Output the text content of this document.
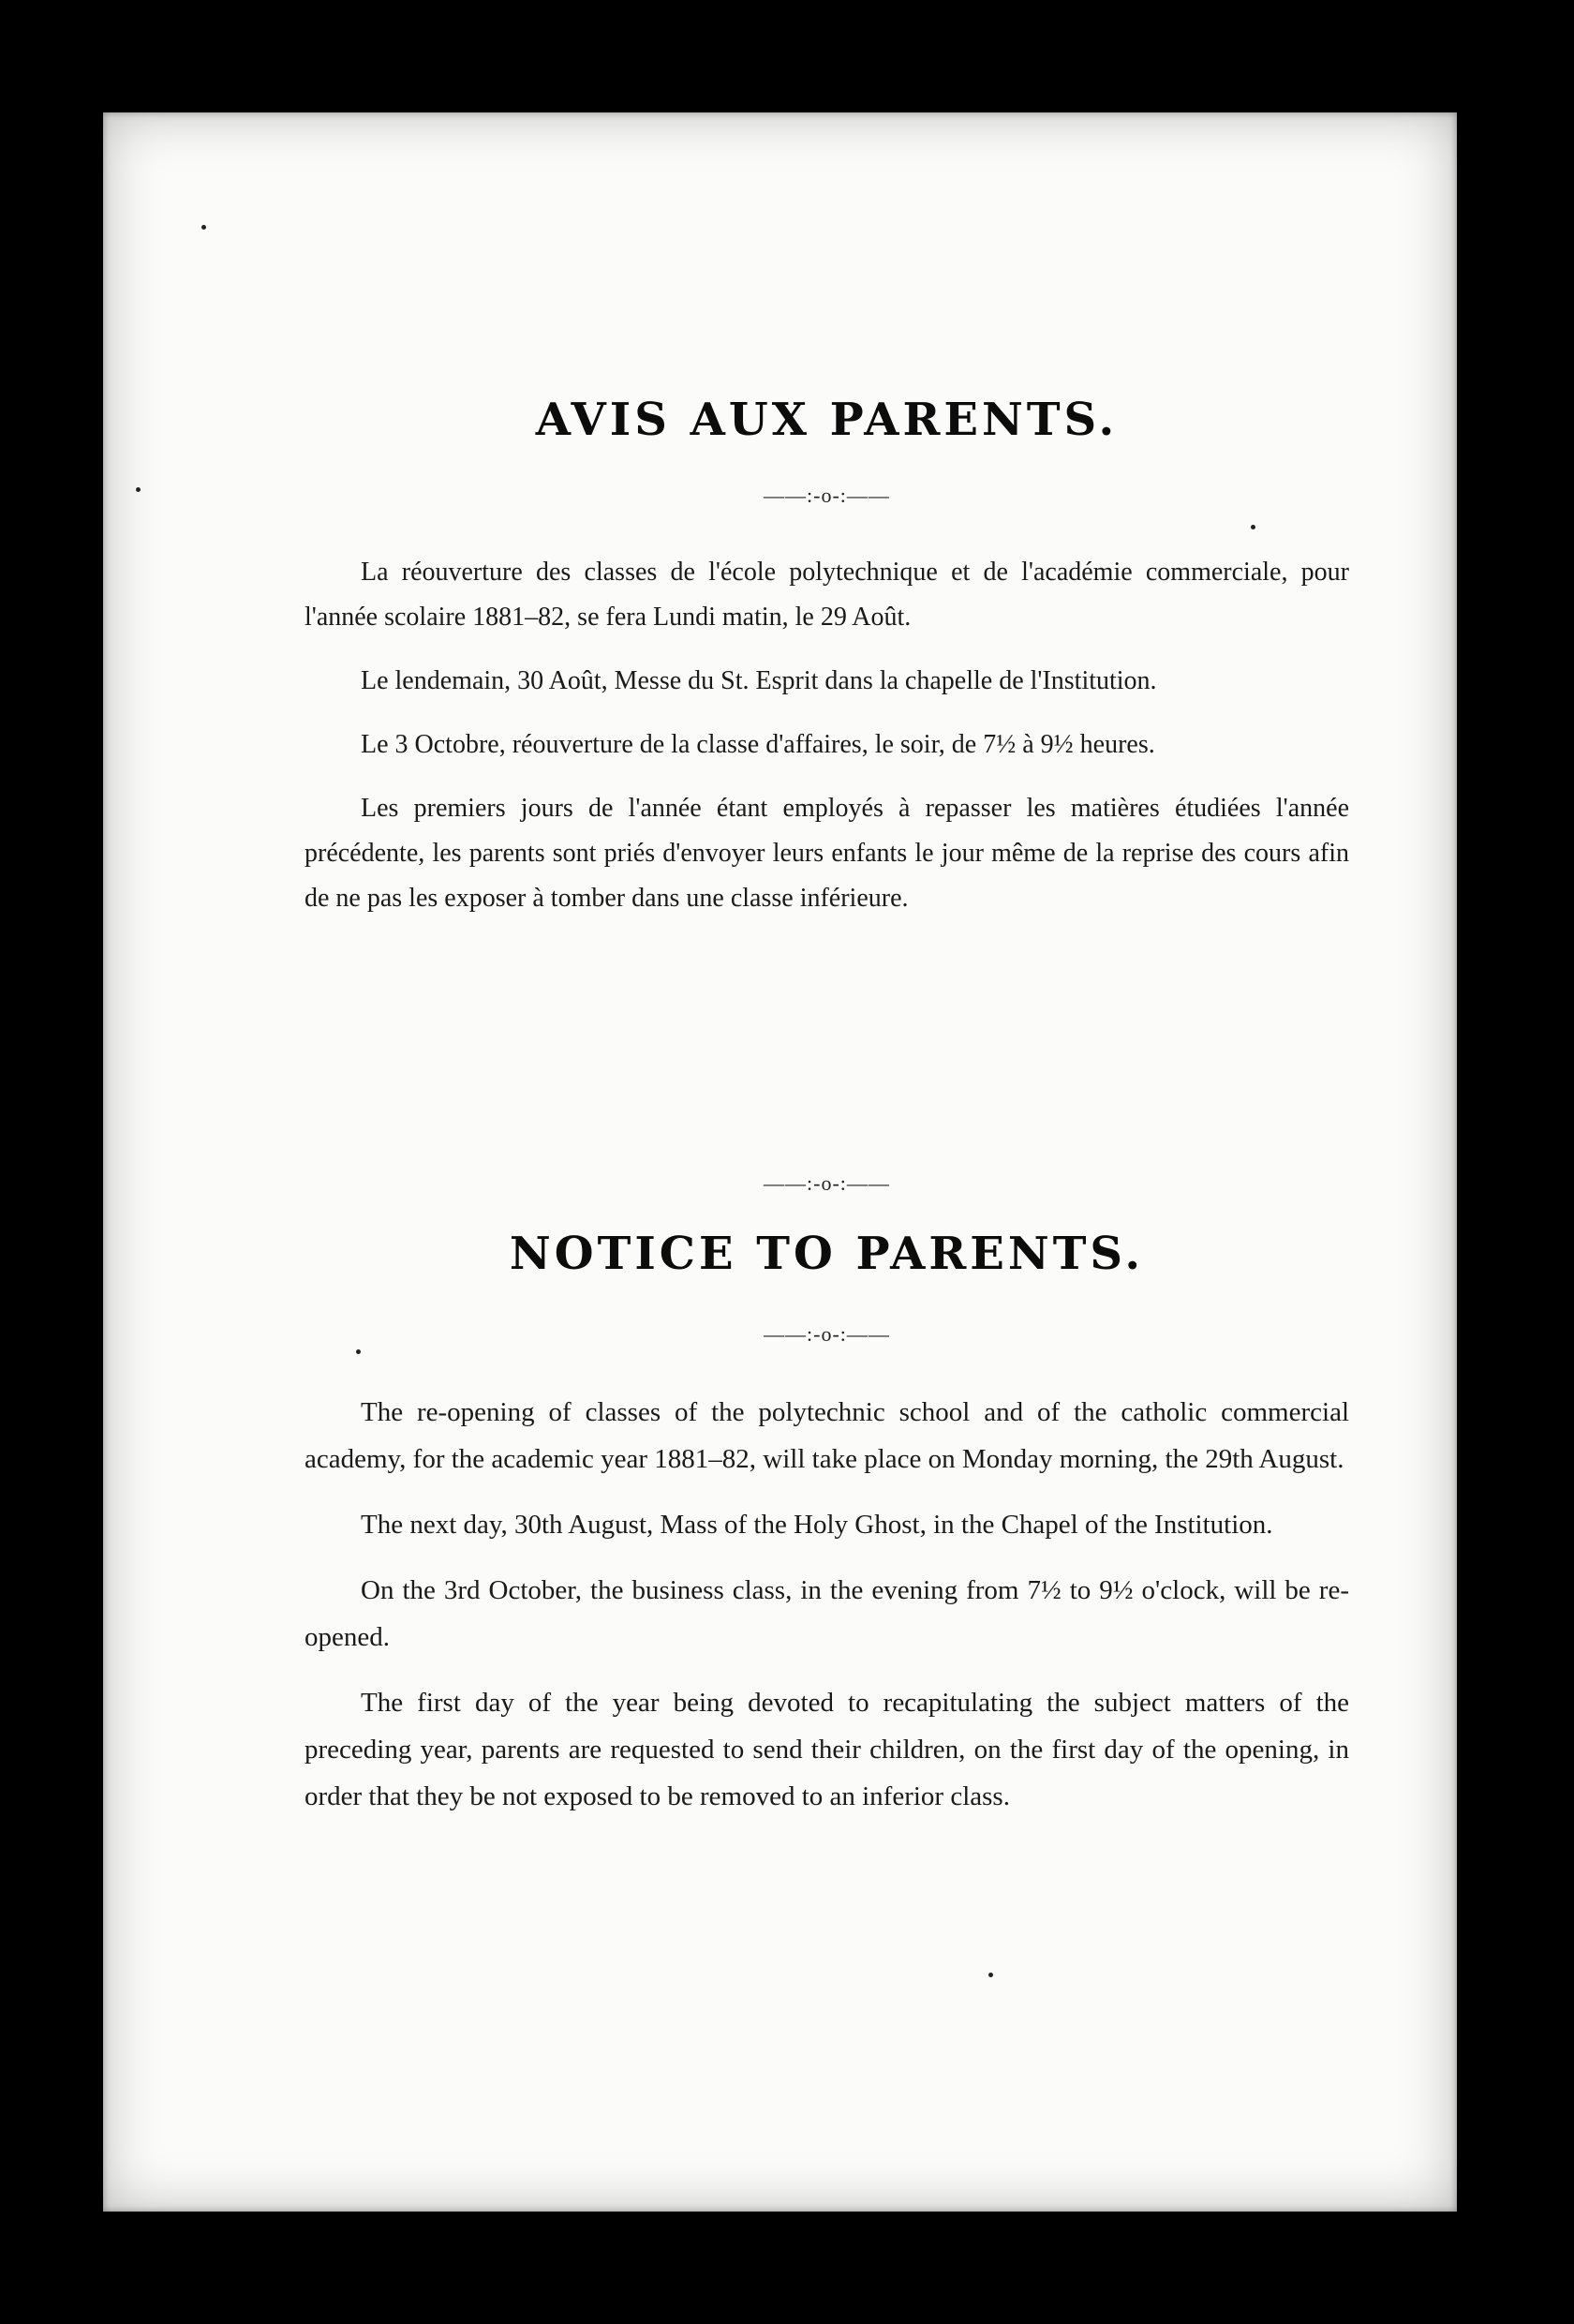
AVIS AUX PARENTS.

——:-o-:——

La réouverture des classes de l'école polytechnique et de l'académie commerciale, pour l'année scolaire 1881–82, se fera Lundi matin, le 29 Août.

Le lendemain, 30 Août, Messe du St. Esprit dans la chapelle de l'Institution.

Le 3 Octobre, réouverture de la classe d'affaires, le soir, de 7½ à 9½ heures.

Les premiers jours de l'année étant employés à repasser les matières étudiées l'année précédente, les parents sont priés d'envoyer leurs enfants le jour même de la reprise des cours afin de ne pas les exposer à tomber dans une classe inférieure.

——:-o-:——

NOTICE TO PARENTS.

——:-o-:——

The re-opening of classes of the polytechnic school and of the catholic commercial academy, for the academic year 1881–82, will take place on Monday morning, the 29th August.

The next day, 30th August, Mass of the Holy Ghost, in the Chapel of the Institution.

On the 3rd October, the business class, in the evening from 7½ to 9½ o'clock, will be re-opened.

The first day of the year being devoted to recapitulating the subject matters of the preceding year, parents are requested to send their children, on the first day of the opening, in order that they be not exposed to be removed to an inferior class.
